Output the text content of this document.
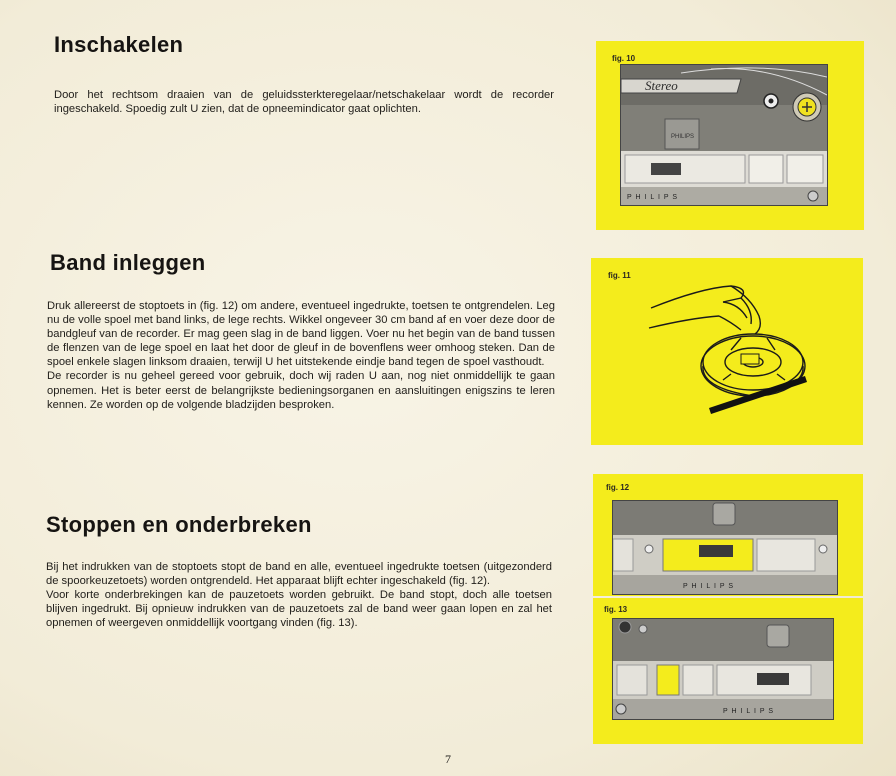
Inschakelen

Door het rechtsom draaien van de geluidssterkteregelaar/netschakelaar wordt de recorder ingeschakeld. Spoedig zult U zien, dat de opneemindicator gaat oplichten.

Band inleggen

Druk allereerst de stoptoets in (fig. 12) om andere, eventueel ingedrukte, toetsen te ontgrendelen. Leg nu de volle spoel met band links, de lege rechts. Wikkel ongeveer 30 cm band af en voer deze door de bandgleuf van de recorder. Er mag geen slag in de band liggen. Voer nu het begin van de band tussen de flenzen van de lege spoel en laat het door de gleuf in de bovenflens weer omhoog steken. Dan de spoel enkele slagen linksom draaien, terwijl U het uitstekende eindje band tegen de spoel vasthoudt.

De recorder is nu geheel gereed voor gebruik, doch wij raden U aan, nog niet onmiddellijk te gaan opnemen. Het is beter eerst de belangrijkste bedieningsorganen en aansluitingen enigszins te leren kennen. Ze worden op de volgende bladzijden besproken.

Stoppen en onderbreken

Bij het indrukken van de stoptoets stopt de band en alle, eventueel ingedrukte toetsen (uitgezonderd de spoorkeuzetoets) worden ontgrendeld. Het apparaat blijft echter ingeschakeld (fig. 12).

Voor korte onderbrekingen kan de pauzetoets worden gebruikt. De band stopt, doch alle toetsen blijven ingedrukt. Bij opnieuw indrukken van de pauzetoets zal de band weer gaan lopen en zal het opnemen of weergeven onmiddellijk voortgang vinden (fig. 13).

fig. 10
Stereo
PHILIPS
P H I L I P S
fig. 11
fig. 12
P H I L I P S
fig. 13
P H I L I P S
7
